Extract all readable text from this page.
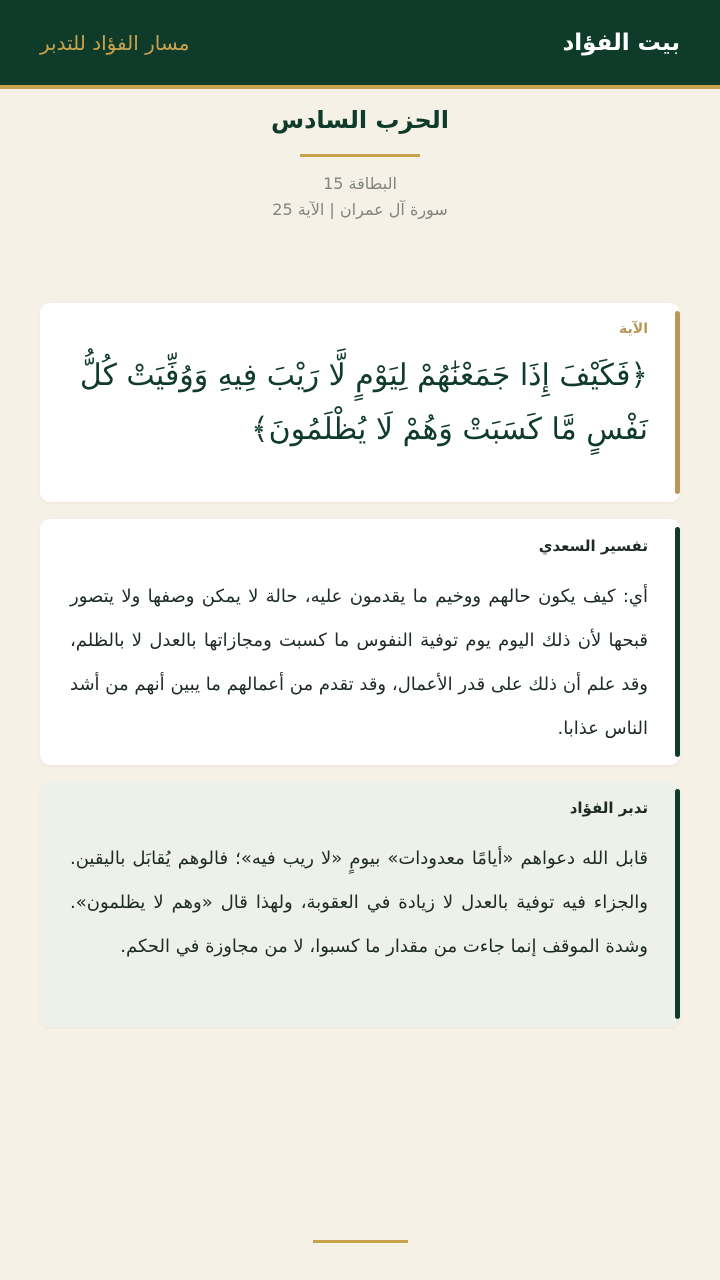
بيت الفؤاد
مسار الفؤاد للتدبر
الحزب السادس
البطاقة 15
سورة آل عمران | الآية 25
الآية
﴿فَكَيْفَ إِذَا جَمَعْنَٰهُمْ لِيَوْمٍ لَّا رَيْبَ فِيهِ وَوُفِّيَتْ كُلُّ نَفْسٍ مَّا كَسَبَتْ وَهُمْ لَا يُظْلَمُونَ﴾
تفسير السعدي
أي: كيف يكون حالهم ووخيم ما يقدمون عليه، حالة لا يمكن وصفها ولا يتصور قبحها لأن ذلك اليوم يوم توفية النفوس ما كسبت ومجازاتها بالعدل لا بالظلم، وقد علم أن ذلك على قدر الأعمال، وقد تقدم من أعمالهم ما يبين أنهم من أشد الناس عذابا.
تدبر الفؤاد
قابل الله دعواهم «أيامًا معدودات» بيومٍ «لا ريب فيه»؛ فالوهم يُقابَل باليقين. والجزاء فيه توفية بالعدل لا زيادة في العقوبة، ولهذا قال «وهم لا يظلمون». وشدة الموقف إنما جاءت من مقدار ما كسبوا، لا من مجاوزة في الحكم.
